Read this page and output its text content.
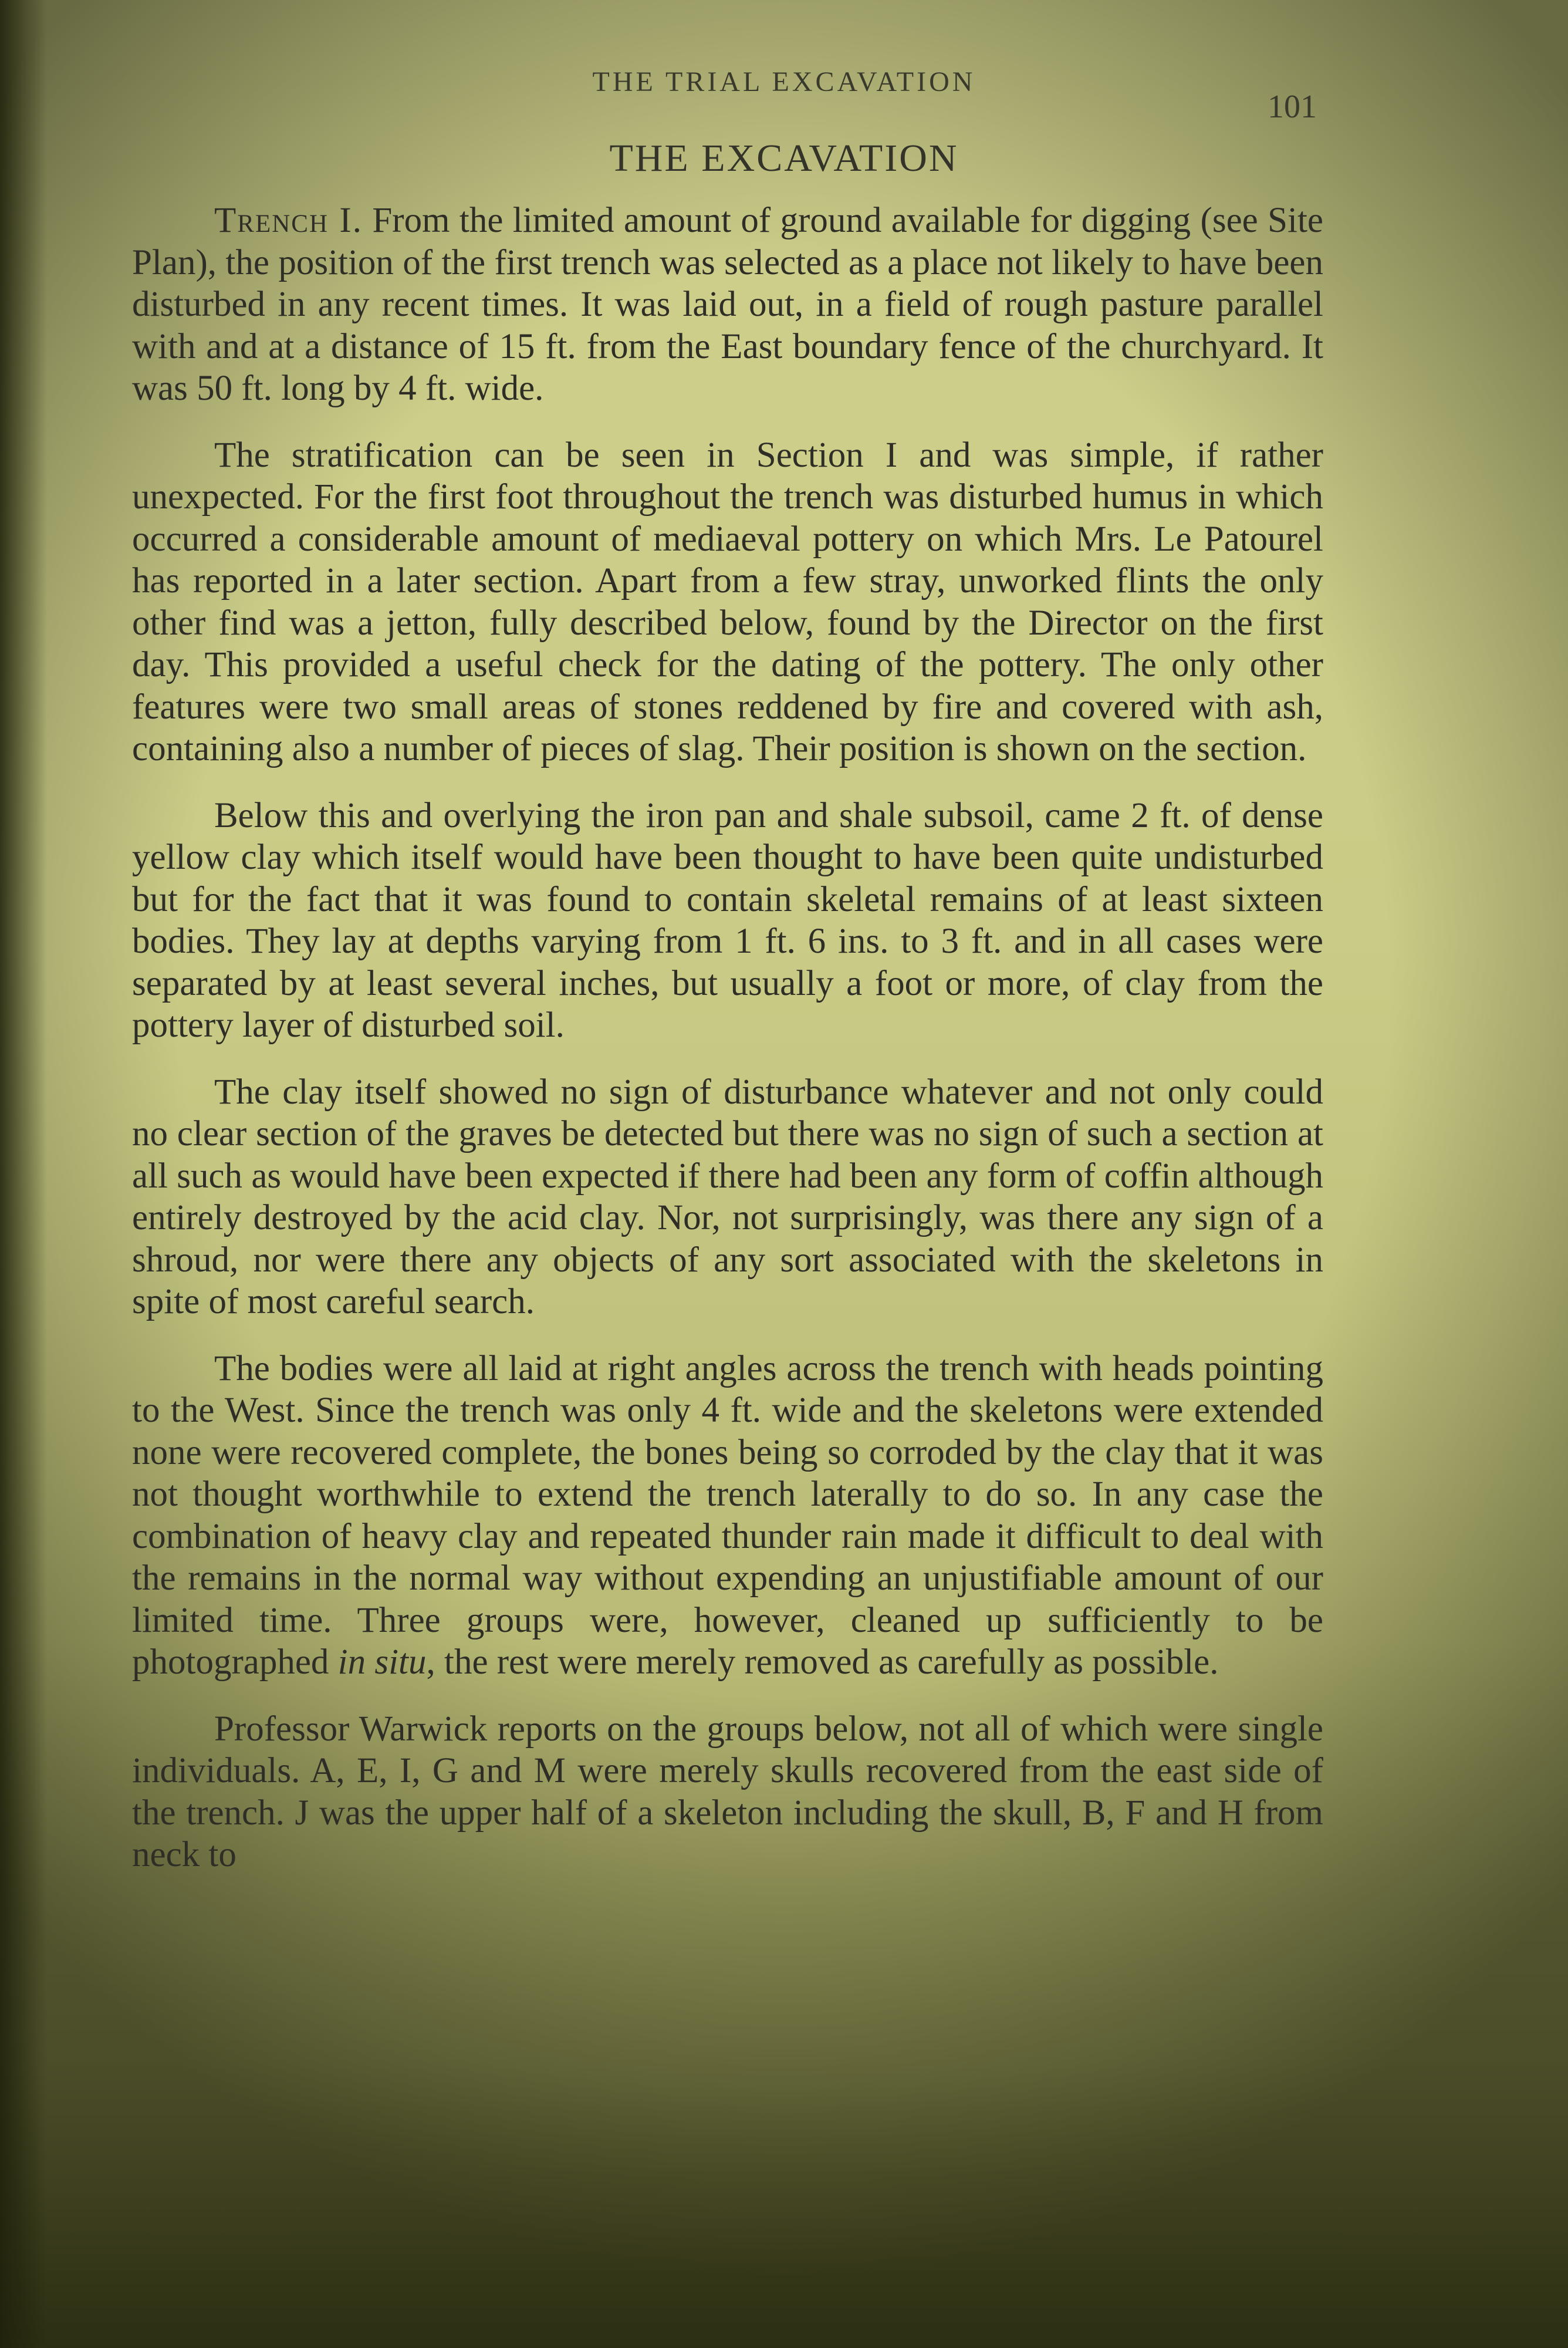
THE TRIAL EXCAVATION
101
THE EXCAVATION

Trench I. From the limited amount of ground available for digging (see Site Plan), the position of the first trench was selected as a place not likely to have been disturbed in any recent times. It was laid out, in a field of rough pasture parallel with and at a distance of 15 ft. from the East boundary fence of the churchyard. It was 50 ft. long by 4 ft. wide.

The stratification can be seen in Section I and was simple, if rather unexpected. For the first foot throughout the trench was disturbed humus in which occurred a considerable amount of mediaeval pottery on which Mrs. Le Patourel has reported in a later section. Apart from a few stray, unworked flints the only other find was a jetton, fully described below, found by the Director on the first day. This provided a useful check for the dating of the pottery. The only other features were two small areas of stones reddened by fire and covered with ash, containing also a number of pieces of slag. Their position is shown on the section.

Below this and overlying the iron pan and shale subsoil, came 2 ft. of dense yellow clay which itself would have been thought to have been quite undisturbed but for the fact that it was found to contain skeletal remains of at least sixteen bodies. They lay at depths varying from 1 ft. 6 ins. to 3 ft. and in all cases were separated by at least several inches, but usually a foot or more, of clay from the pottery layer of disturbed soil.

The clay itself showed no sign of disturbance whatever and not only could no clear section of the graves be detected but there was no sign of such a section at all such as would have been expected if there had been any form of coffin although entirely destroyed by the acid clay. Nor, not surprisingly, was there any sign of a shroud, nor were there any objects of any sort associated with the skeletons in spite of most careful search.

The bodies were all laid at right angles across the trench with heads pointing to the West. Since the trench was only 4 ft. wide and the skeletons were extended none were recovered complete, the bones being so corroded by the clay that it was not thought worthwhile to extend the trench laterally to do so. In any case the combination of heavy clay and repeated thunder rain made it difficult to deal with the remains in the normal way without expending an unjustifiable amount of our limited time. Three groups were, however, cleaned up sufficiently to be photographed in situ, the rest were merely removed as carefully as possible.

Professor Warwick reports on the groups below, not all of which were single individuals. A, E, I, G and M were merely skulls recovered from the east side of the trench. J was the upper half of a skeleton including the skull, B, F and H from neck to
